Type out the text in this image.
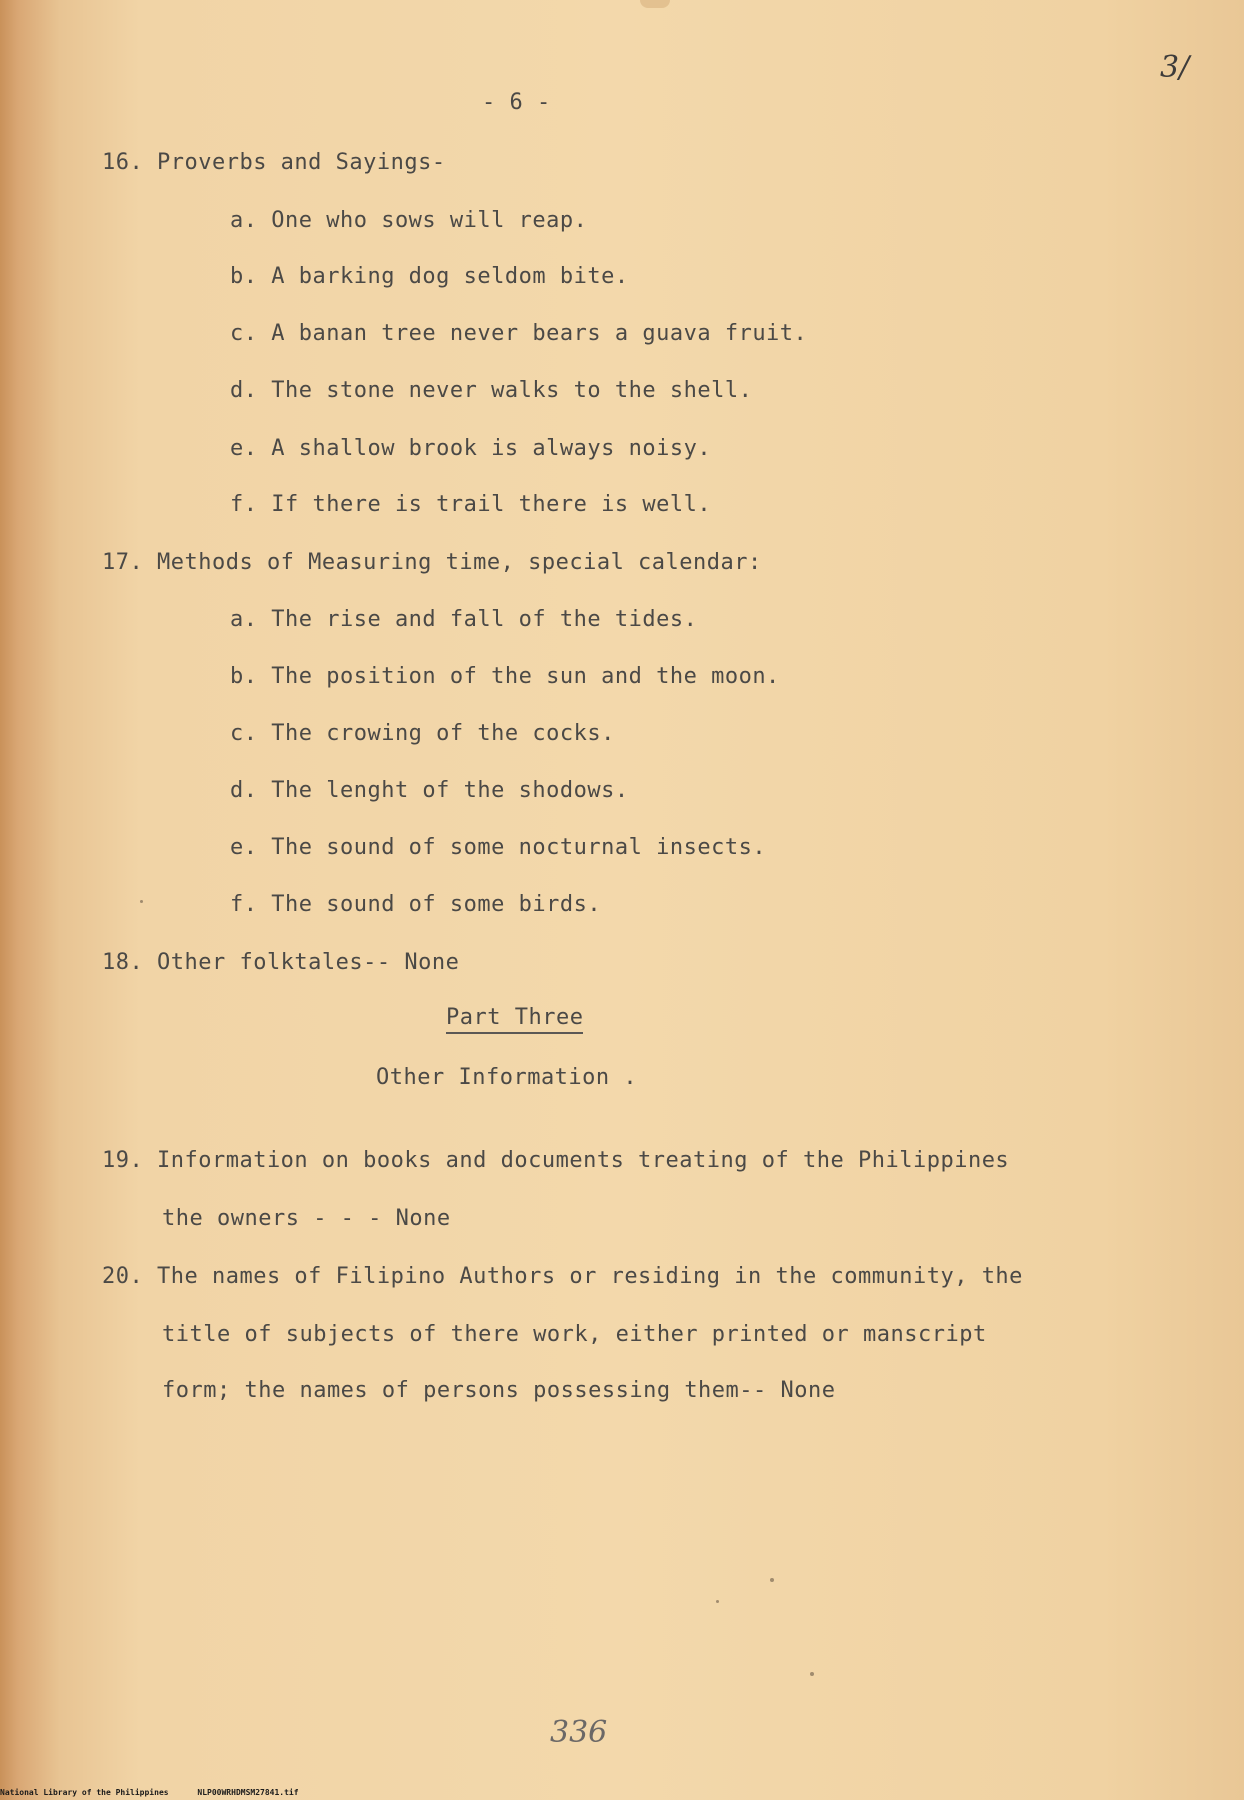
3/
- 6 -
16. Proverbs and Sayings-
a. One who sows will reap.
b. A barking dog seldom bite.
c. A banan tree never bears a guava fruit.
d. The stone never walks to the shell.
e. A shallow brook is always noisy.
f. If there is trail there is well.
17. Methods of Measuring time, special calendar:
a. The rise and fall of the tides.
b. The position of the sun and the moon.
c. The crowing of the cocks.
d. The lenght of the shodows.
e. The sound of some nocturnal insects.
f. The sound of some birds.
18. Other folktales-- None
Part Three
Other Information .
19. Information on books and documents treating of the Philippines
the owners - - - None
20. The names of Filipino Authors or residing in the community, the
title of subjects of there work, either printed or manscript
form; the names of persons possessing them-- None
336
National Library of the Philippines	NLP00WRHDMSM27841.tif
